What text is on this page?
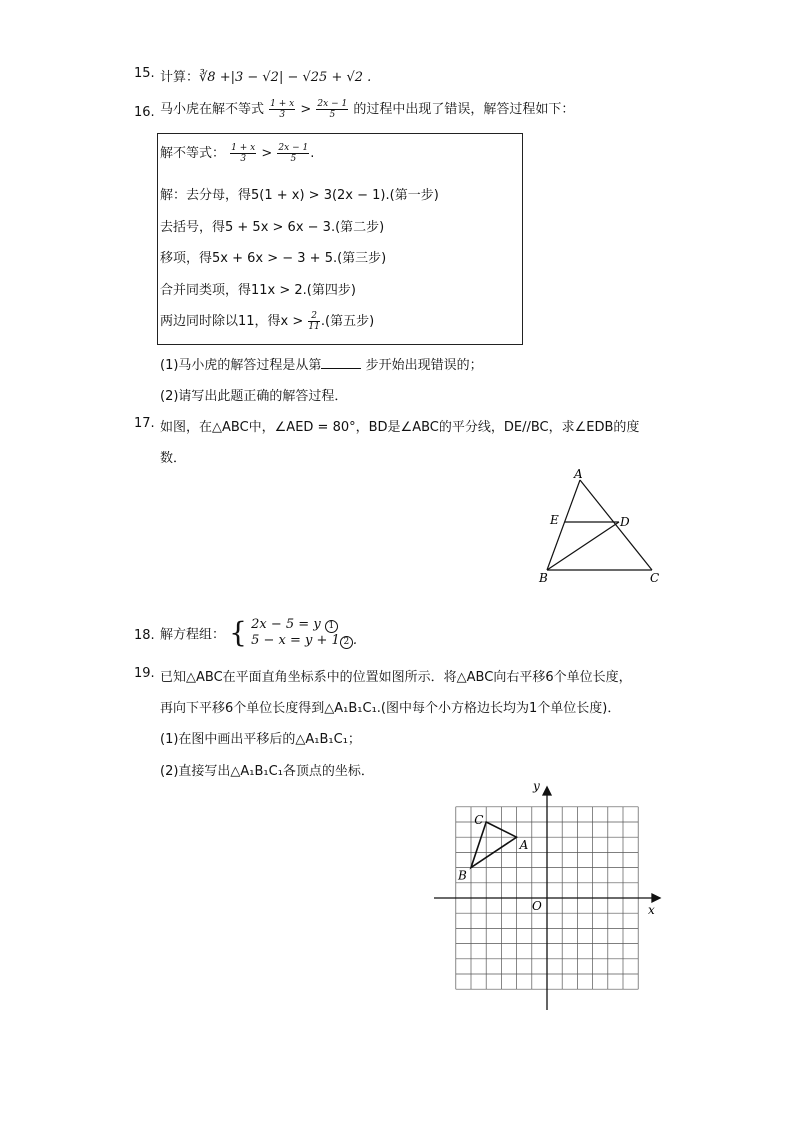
15. 计算：∛8 +|3 − √2| − √25 + √2 .
16. 马小虎在解不等式 $\frac{1 + x}{3} > \frac{2x - 1}{5}$ 的过程中出现了错误，解答过程如下：
解不等式： $\frac{1 + x}{3} > \frac{2x - 1}{5}$ .
解：去分母，得5(1 + x) > 3(2x − 1).(第一步)
去括号，得5 + 5x > 6x − 3.(第二步)
移项，得5x + 6x > − 3 + 5.(第三步)
合并同类项，得11x > 2.(第四步)
两边同时除以11，得$x > \frac{2}{11}$ .(第五步)
(1)马小虎的解答过程是从第	步开始出现错误的；
(2)请写出此题正确的解答过程．
17. 如图，在△ABC中，∠AED = 80°，BD是∠ABC的平分线，DE//BC，求∠EDB的度
数．
A
E	D
B	C
18. 解方程组： { 2x − 5 = y 1
5 − x = y + 1 2 .
19. 已知△ABC在平面直角坐标系中的位置如图所示．将△ABC向右平移6个单位长度，
再向下平移6个单位长度得到△A₁B₁C₁.(图中每个小方格边长均为1个单位长度)．
(1)在图中画出平移后的△A₁B₁C₁；
(2)直接写出△A₁B₁C₁各顶点的坐标．
x
y
O
A
B
C
